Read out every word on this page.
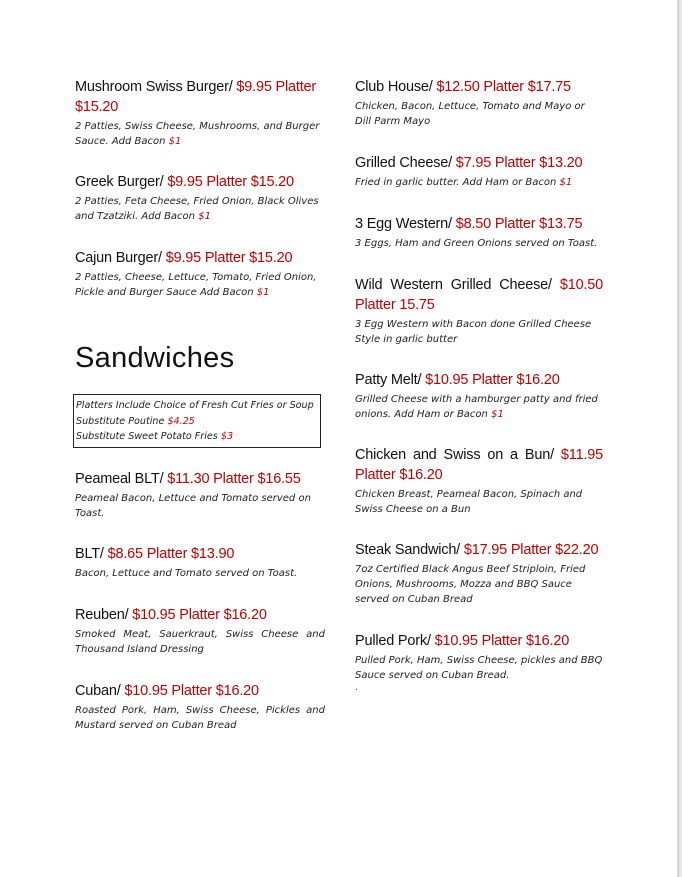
Mushroom Swiss Burger/ $9.95 Platter $15.20
2 Patties, Swiss Cheese, Mushrooms, and Burger Sauce. Add Bacon $1
Greek Burger/ $9.95 Platter $15.20
2 Patties, Feta Cheese, Fried Onion, Black Olives and Tzatziki. Add Bacon $1
Cajun Burger/ $9.95 Platter $15.20
2 Patties, Cheese, Lettuce, Tomato, Fried Onion, Pickle and Burger Sauce Add Bacon $1
Sandwiches
Platters Include Choice of Fresh Cut Fries or Soup
Substitute Poutine $4.25
Substitute Sweet Potato Fries $3
Peameal BLT/ $11.30 Platter $16.55
Peameal Bacon, Lettuce and Tomato served on Toast.
BLT/ $8.65 Platter $13.90
Bacon, Lettuce and Tomato served on Toast.
Reuben/ $10.95 Platter $16.20
Smoked Meat, Sauerkraut, Swiss Cheese and Thousand Island Dressing
Cuban/ $10.95 Platter $16.20
Roasted Pork, Ham, Swiss Cheese, Pickles and Mustard served on Cuban Bread
Club House/ $12.50 Platter $17.75
Chicken, Bacon, Lettuce, Tomato and Mayo or Dill Parm Mayo
Grilled Cheese/ $7.95 Platter $13.20
Fried in garlic butter. Add Ham or Bacon $1
3 Egg Western/ $8.50 Platter $13.75
3 Eggs, Ham and Green Onions served on Toast.
Wild Western Grilled Cheese/ $10.50 Platter 15.75
3 Egg Western with Bacon done Grilled Cheese Style in garlic butter
Patty Melt/ $10.95 Platter $16.20
Grilled Cheese with a hamburger patty and fried onions. Add Ham or Bacon $1
Chicken and Swiss on a Bun/ $11.95 Platter $16.20
Chicken Breast, Peameal Bacon, Spinach and Swiss Cheese on a Bun
Steak Sandwich/ $17.95 Platter $22.20
7oz Certified Black Angus Beef Striploin, Fried Onions, Mushrooms, Mozza and BBQ Sauce served on Cuban Bread
Pulled Pork/ $10.95 Platter $16.20
Pulled Pork, Ham, Swiss Cheese, pickles and BBQ Sauce served on Cuban Bread.
.
